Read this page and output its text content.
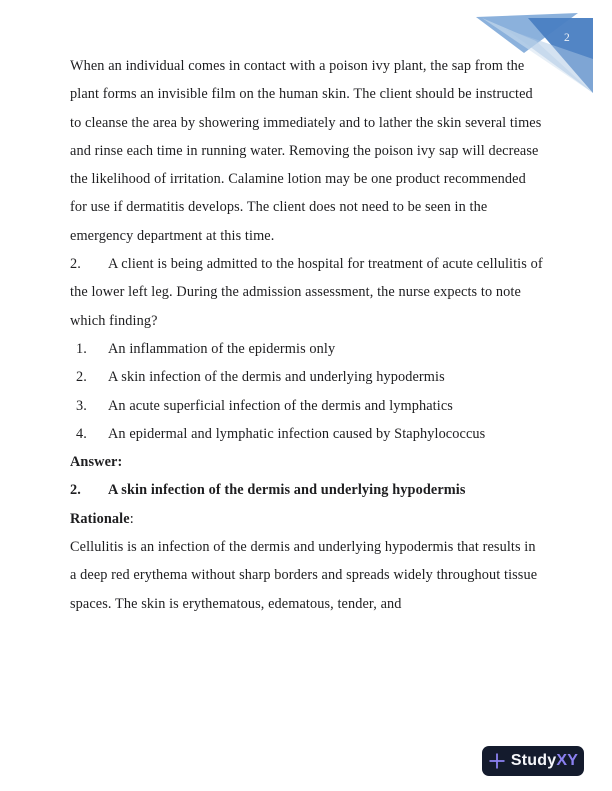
2

When an individual comes in contact with a poison ivy plant, the sap from the plant forms an invisible film on the human skin. The client should be instructed to cleanse the area by showering immediately and to lather the skin several times and rinse each time in running water. Removing the poison ivy sap will decrease the likelihood of irritation. Calamine lotion may be one product recommended for use if dermatitis develops. The client does not need to be seen in the emergency department at this time.

2. A client is being admitted to the hospital for treatment of acute cellulitis of the lower left leg. During the admission assessment, the nurse expects to note which finding?

1. An inflammation of the epidermis only
2. A skin infection of the dermis and underlying hypodermis
3. An acute superficial infection of the dermis and lymphatics
4. An epidermal and lymphatic infection caused by Staphylococcus

Answer:

2. A skin infection of the dermis and underlying hypodermis

Rationale:

Cellulitis is an infection of the dermis and underlying hypodermis that results in a deep red erythema without sharp borders and spreads widely throughout tissue spaces. The skin is erythematous, edematous, tender, and

StudyXY
